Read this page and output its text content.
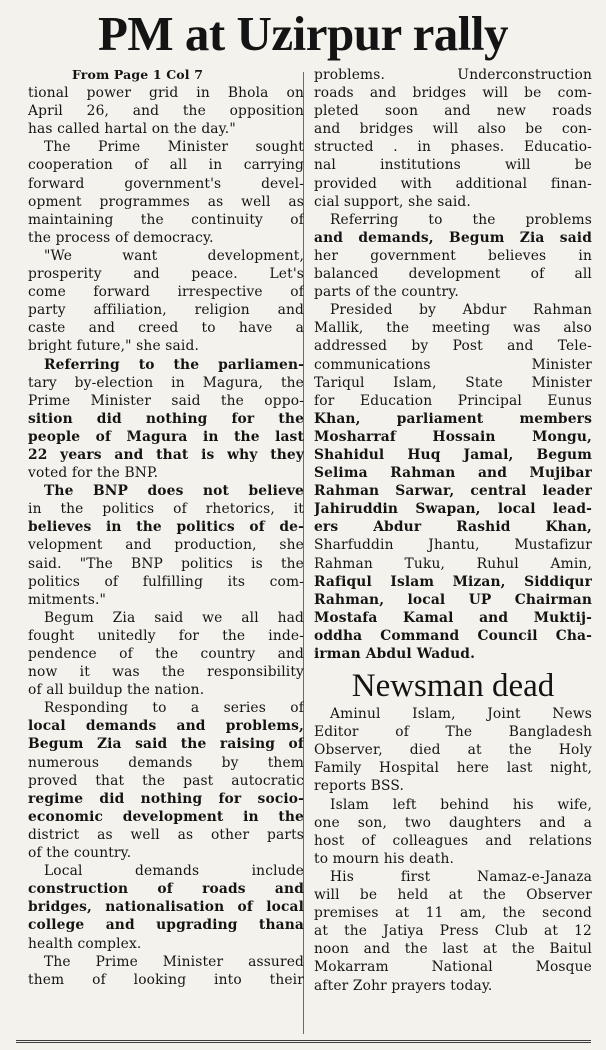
PM at Uzirpur rally
From Page 1 Col 7
tional power grid in Bhola on
April 26, and the opposition
has called hartal on the day."
The Prime Minister sought
cooperation of all in carrying
forward government's devel-
opment programmes as well as
maintaining the continuity of
the process of democracy.
"We want development,
prosperity and peace. Let's
come forward irrespective of
party affiliation, religion and
caste and creed to have a
bright future," she said.
Referring to the parliamen-
tary by-election in Magura, the
Prime Minister said the oppo-
sition did nothing for the
people of Magura in the last
22 years and that is why they
voted for the BNP.
The BNP does not believe
in the politics of rhetorics, it
believes in the politics of de-
velopment and production, she
said. "The BNP politics is the
politics of fulfilling its com-
mitments."
Begum Zia said we all had
fought unitedly for the inde-
pendence of the country and
now it was the responsibility
of all buildup the nation.
Responding to a series of
local demands and problems,
Begum Zia said the raising of
numerous demands by them
proved that the past autocratic
regime did nothing for socio-
economic development in the
district as well as other parts
of the country.
Local demands include
construction of roads and
bridges, nationalisation of local
college and upgrading thana
health complex.
The Prime Minister assured
them of looking into their
problems. Underconstruction
roads and bridges will be com-
pleted soon and new roads
and bridges will also be con-
structed . in phases. Educatio-
nal institutions will be
provided with additional finan-
cial support, she said.
Referring to the problems
and demands, Begum Zia said
her government believes in
balanced development of all
parts of the country.
Presided by Abdur Rahman
Mallik, the meeting was also
addressed by Post and Tele-
communications Minister
Tariqul Islam, State Minister
for Education Principal Eunus
Khan, parliament members
Mosharraf Hossain Mongu,
Shahidul Huq Jamal, Begum
Selima Rahman and Mujibar
Rahman Sarwar, central leader
Jahiruddin Swapan, local lead-
ers Abdur Rashid Khan,
Sharfuddin Jhantu, Mustafizur
Rahman Tuku, Ruhul Amin,
Rafiqul Islam Mizan, Siddiqur
Rahman, local UP Chairman
Mostafa Kamal and Muktij-
oddha Command Council Cha-
irman Abdul Wadud.
Newsman dead
Aminul Islam, Joint News
Editor of The Bangladesh
Observer, died at the Holy
Family Hospital here last night,
reports BSS.
Islam left behind his wife,
one son, two daughters and a
host of colleagues and relations
to mourn his death.
His first Namaz-e-Janaza
will be held at the Observer
premises at 11 am, the second
at the Jatiya Press Club at 12
noon and the last at the Baitul
Mokarram National Mosque
after Zohr prayers today.
